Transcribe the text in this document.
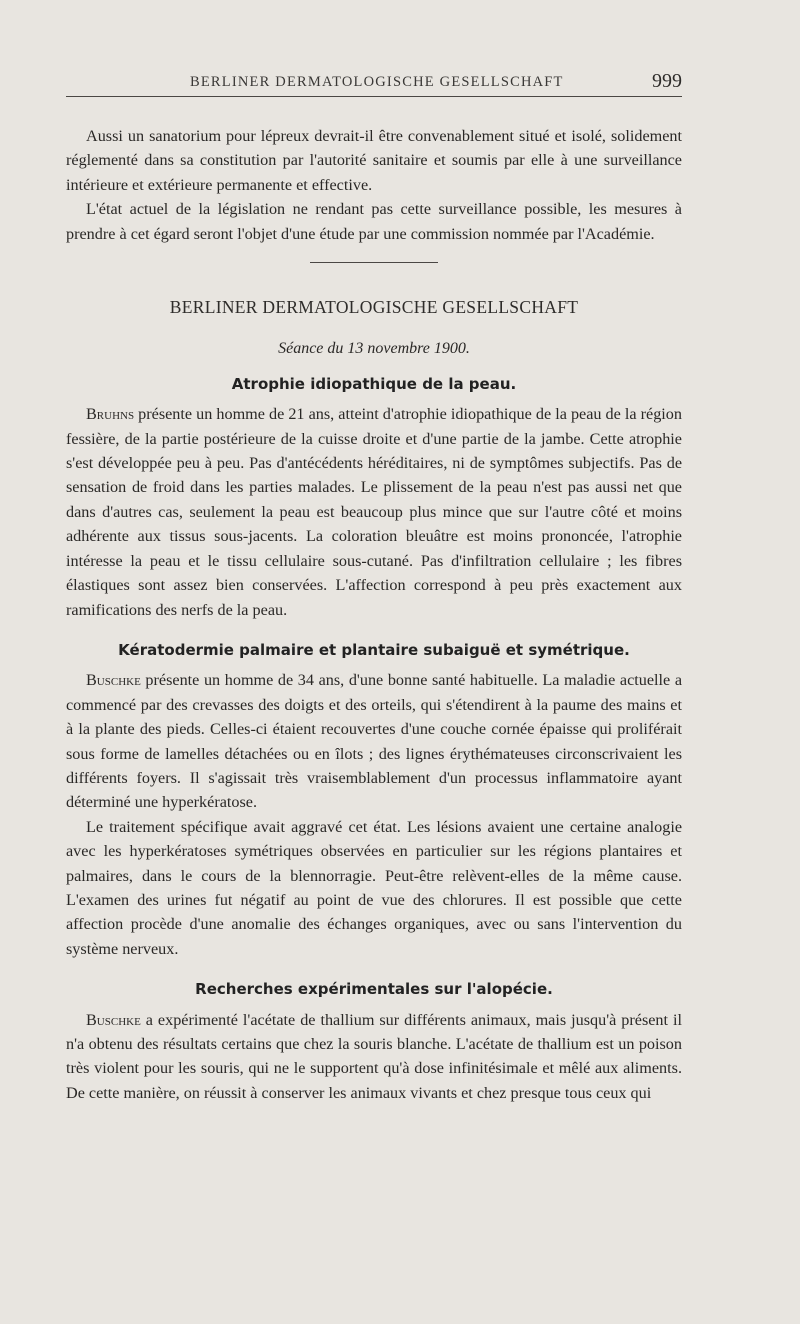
BERLINER DERMATOLOGISCHE GESELLSCHAFT	999

Aussi un sanatorium pour lépreux devrait-il être convenablement situé et isolé, solidement réglementé dans sa constitution par l'autorité sanitaire et soumis par elle à une surveillance intérieure et extérieure permanente et effective.

L'état actuel de la législation ne rendant pas cette surveillance possible, les mesures à prendre à cet égard seront l'objet d'une étude par une commission nommée par l'Académie.

BERLINER DERMATOLOGISCHE GESELLSCHAFT
Séance du 13 novembre 1900.
Atrophie idiopathique de la peau.

Bruhns présente un homme de 21 ans, atteint d'atrophie idiopathique de la peau de la région fessière, de la partie postérieure de la cuisse droite et d'une partie de la jambe. Cette atrophie s'est développée peu à peu. Pas d'antécédents héréditaires, ni de symptômes subjectifs. Pas de sensation de froid dans les parties malades. Le plissement de la peau n'est pas aussi net que dans d'autres cas, seulement la peau est beaucoup plus mince que sur l'autre côté et moins adhérente aux tissus sous-jacents. La coloration bleuâtre est moins prononcée, l'atrophie intéresse la peau et le tissu cellulaire sous-cutané. Pas d'infiltration cellulaire ; les fibres élastiques sont assez bien conservées. L'affection correspond à peu près exactement aux ramifications des nerfs de la peau.

Kératodermie palmaire et plantaire subaiguë et symétrique.

Buschke présente un homme de 34 ans, d'une bonne santé habituelle. La maladie actuelle a commencé par des crevasses des doigts et des orteils, qui s'étendirent à la paume des mains et à la plante des pieds. Celles-ci étaient recouvertes d'une couche cornée épaisse qui proliférait sous forme de lamelles détachées ou en îlots ; des lignes érythémateuses circonscrivaient les différents foyers. Il s'agissait très vraisemblablement d'un processus inflammatoire ayant déterminé une hyperkératose.

Le traitement spécifique avait aggravé cet état. Les lésions avaient une certaine analogie avec les hyperkératoses symétriques observées en particulier sur les régions plantaires et palmaires, dans le cours de la blennorragie. Peut-être relèvent-elles de la même cause. L'examen des urines fut négatif au point de vue des chlorures. Il est possible que cette affection procède d'une anomalie des échanges organiques, avec ou sans l'intervention du système nerveux.

Recherches expérimentales sur l'alopécie.

Buschke a expérimenté l'acétate de thallium sur différents animaux, mais jusqu'à présent il n'a obtenu des résultats certains que chez la souris blanche. L'acétate de thallium est un poison très violent pour les souris, qui ne le supportent qu'à dose infinitésimale et mêlé aux aliments. De cette manière, on réussit à conserver les animaux vivants et chez presque tous ceux qui
